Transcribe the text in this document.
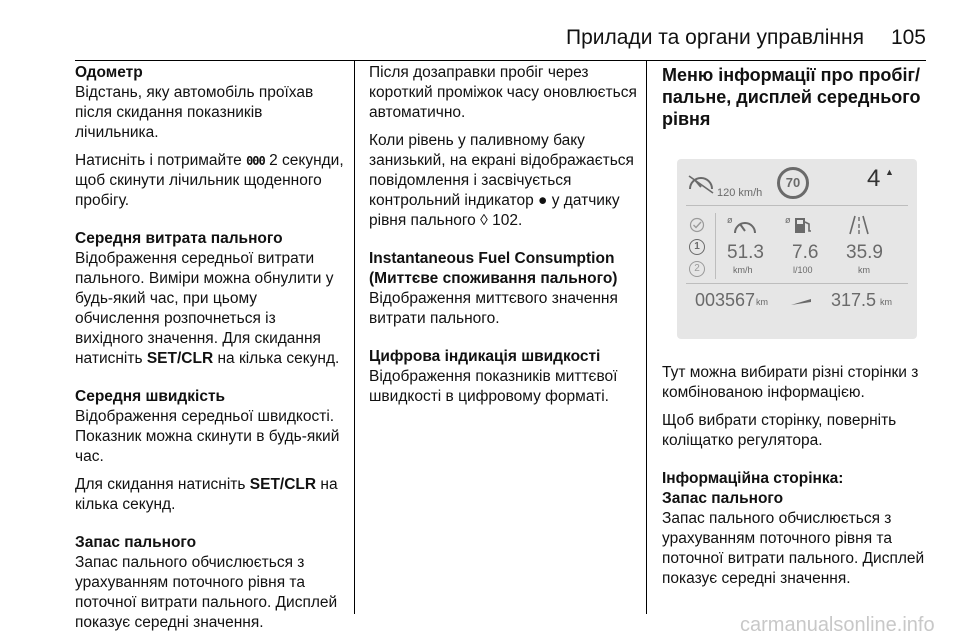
Прилади та органи управління	105
Одометр

Відстань, яку автомобіль проїхав після скидання показників лічильника.

Натисніть і потримайте 000 2 секунди, щоб скинути лічильник щоденного пробігу.

Середня витрата пального

Відображення середньої витрати пального. Виміри можна обнулити у будь-який час, при цьому обчислення розпочнеться із вихідного значення. Для скидання натисніть SET/CLR на кілька секунд.

Середня швидкість

Відображення середньої швидкості. Показник можна скинути в будь-який час.

Для скидання натисніть SET/CLR на кілька секунд.

Запас пального

Запас пального обчислюється з урахуванням поточного рівня та поточної витрати пального. Дисплей показує середні значення.

Після дозаправки пробіг через короткий проміжок часу оновлюється автоматично.

Коли рівень у паливному баку занизький, на екрані відображається повідомлення і засвічується контрольний індикатор ● у датчику рівня пального ◊ 102.

Instantaneous Fuel Consumption
(Миттєве споживання пального)

Відображення миттєвого значення витрати пального.

Цифрова індикація швидкості

Відображення показників миттєвої швидкості в цифровому форматі.

Меню інформації про пробіг/ пальне, дисплей середнього рівня
120 km/h
70	4 ▲
1
2
ø	ø
51.3
km/h
7.6
l/100
35.9
km
003567 km	317.5 km

Тут можна вибирати різні сторінки з комбінованою інформацією.

Щоб вибрати сторінку, поверніть коліщатко регулятора.

Інформаційна сторінка:
Запас пального

Запас пального обчислюється з урахуванням поточного рівня та поточної витрати пального. Дисплей показує середні значення.

carmanualsonline.info
